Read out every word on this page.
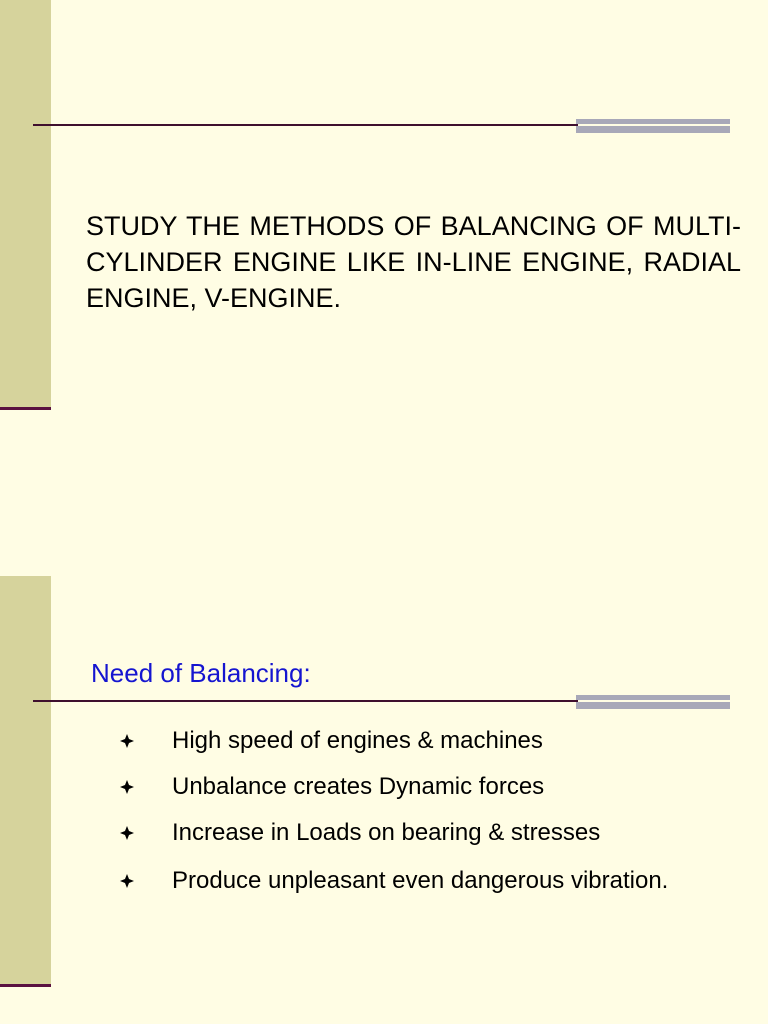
STUDY THE METHODS OF BALANCING OF MULTI-CYLINDER ENGINE LIKE IN-LINE ENGINE, RADIAL ENGINE, V-ENGINE.

Need of Balancing:
High speed of engines & machines
Unbalance creates Dynamic forces
Increase in Loads on bearing & stresses
Produce unpleasant even dangerous vibration.
